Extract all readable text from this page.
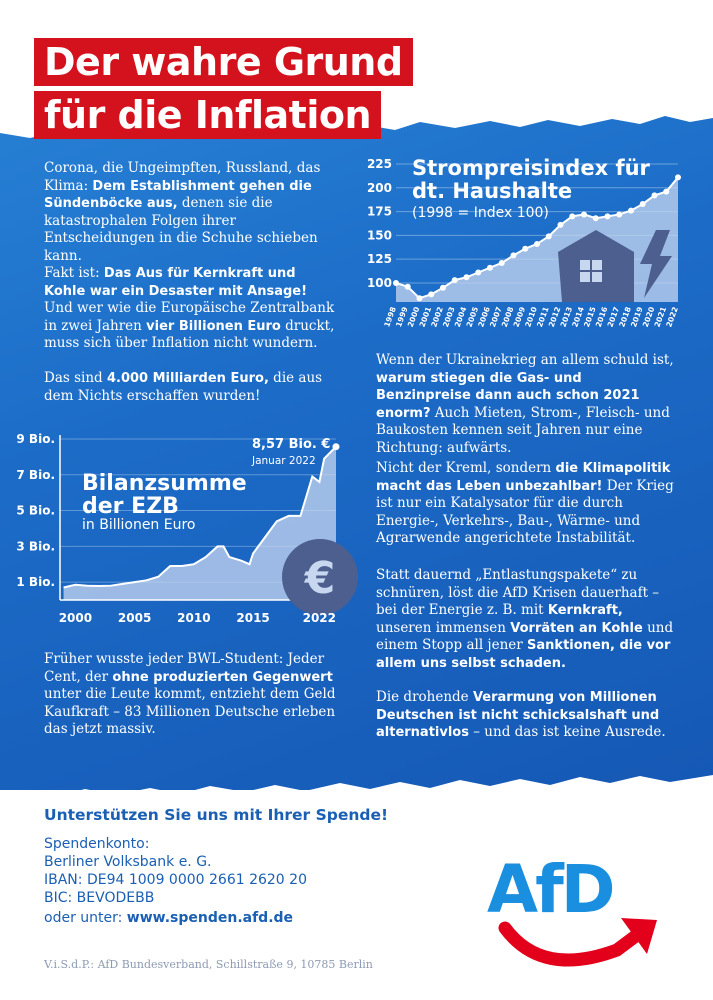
Der wahre Grund
für die Inflation
Corona, die Ungeimpften, Russland, das Klima: Dem Establishment gehen die Sündenböcke aus, denen sie die katastrophalen Folgen ihrer Entscheidungen in die Schuhe schieben kann.
Fakt ist: Das Aus für Kernkraft und Kohle war ein Desaster mit Ansage! Und wer wie die Europäische Zentralbank in zwei Jahren vier Billionen Euro druckt, muss sich über Inflation nicht wundern.
Das sind 4.000 Milliarden Euro, die aus dem Nichts erschaffen wurden!
Früher wusste jeder BWL-Student: Jeder Cent, der ohne produzierten Gegenwert unter die Leute kommt, entzieht dem Geld Kaufkraft – 83 Millionen Deutsche erleben das jetzt massiv.
Wenn der Ukrainekrieg an allem schuld ist, warum stiegen die Gas- und Benzinpreise dann auch schon 2021 enorm? Auch Mieten, Strom-, Fleisch- und Baukosten kennen seit Jahren nur eine Richtung: aufwärts.
Nicht der Kreml, sondern die Klimapolitik macht das Leben unbezahlbar! Der Krieg ist nur ein Katalysator für die durch Energie-, Verkehrs-, Bau-, Wärme- und Agrarwende angerichtete Instabilität.
Statt dauernd „Entlastungspakete“ zu schnüren, löst die AfD Krisen dauerhaft – bei der Energie z. B. mit Kernkraft, unseren immensen Vorräten an Kohle und einem Stopp all jener Sanktionen, die vor allem uns selbst schaden.
Die drohende Verarmung von Millionen Deutschen ist nicht schicksalshaft und alternativlos – und das ist keine Ausrede.
100
125
150
175
200
225
1998
1999
2000
2001
2002
2003
2004
2005
2006
2007
2008
2009
2010
2011
2012
2013
2014
2015
2016
2017
2018
2019
2020
2021
2022
Strompreisindex für dt. Haushalte
(1998 = Index 100)
1 Bio.
3 Bio.
5 Bio.
7 Bio.
9 Bio.
€
2000 2005 2010 2015	2022
Bilanzsumme der EZB
in Billionen Euro
8,57 Bio. €
Januar 2022
Unterstützen Sie uns mit Ihrer Spende!
Spendenkonto:
Berliner Volksbank e. G.
IBAN: DE94 1009 0000 2661 2620 20
BIC: BEVODEBB
oder unter: www.spenden.afd.de	AfD
V.i.S.d.P.: AfD Bundesverband, Schillstraße 9, 10785 Berlin
